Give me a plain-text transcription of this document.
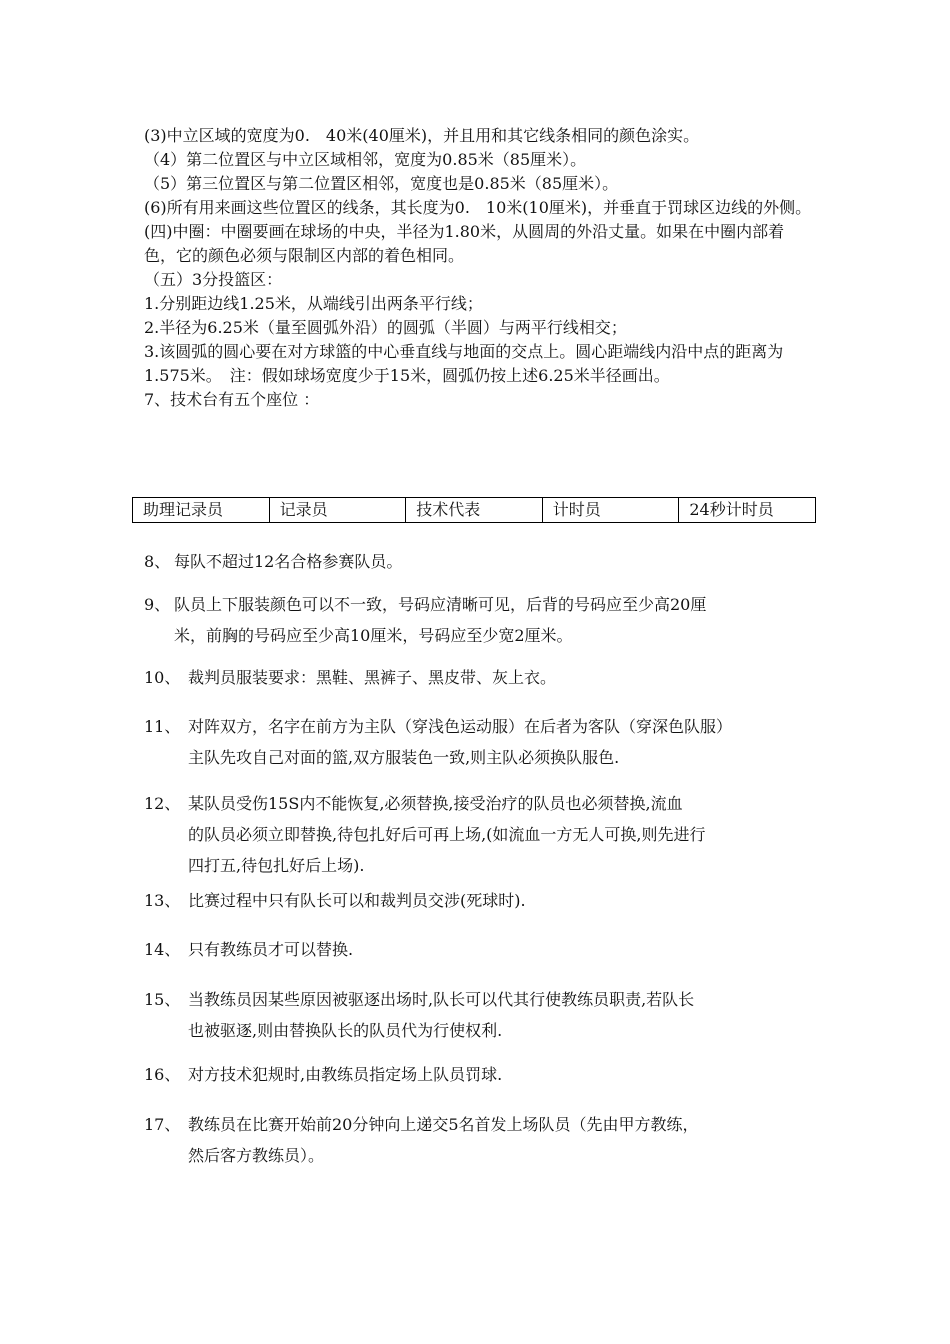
(3)中立区域的宽度为0.　40米(40厘米)，并且用和其它线条相同的颜色涂实。

（4）第二位置区与中立区域相邻，宽度为0.85米（85厘米）。

（5）第三位置区与第二位置区相邻，宽度也是0.85米（85厘米）。

(6)所有用来画这些位置区的线条，其长度为0.　10米(10厘米)，并垂直于罚球区边线的外侧。

(四)中圈：中圈要画在球场的中央，半径为1.80米，从圆周的外沿丈量。如果在中圈内部着色，它的颜色必须与限制区内部的着色相同。

（五）3分投篮区：

1.分别距边线1.25米，从端线引出两条平行线；

2.半径为6.25米（量至圆弧外沿）的圆弧（半圆）与两平行线相交；

3.该圆弧的圆心要在对方球篮的中心垂直线与地面的交点上。圆心距端线内沿中点的距离为1.575米。　注：假如球场宽度少于15米，圆弧仍按上述6.25米半径画出。

7、技术台有五个座位 ：

助理记录员	记录员	技术代表	计时员	24秒计时员
8、 每队不超过12名合格参赛队员。
9、 队员上下服装颜色可以不一致，号码应清晰可见，后背的号码应至少高20厘
米，前胸的号码应至少高10厘米，号码应至少宽2厘米。
10、 裁判员服装要求：黑鞋、黑裤子、黑皮带、灰上衣。
11、 对阵双方，名字在前方为主队（穿浅色运动服）在后者为客队（穿深色队服）
主队先攻自己对面的篮,双方服装色一致,则主队必须换队服色.
12、 某队员受伤15S内不能恢复,必须替换,接受治疗的队员也必须替换,流血
的队员必须立即替换,待包扎好后可再上场,(如流血一方无人可换,则先进行
四打五,待包扎好后上场).
13、 比赛过程中只有队长可以和裁判员交涉(死球时).
14、 只有教练员才可以替换.
15、 当教练员因某些原因被驱逐出场时,队长可以代其行使教练员职责,若队长
也被驱逐,则由替换队长的队员代为行使权利.
16、 对方技术犯规时,由教练员指定场上队员罚球.
17、 教练员在比赛开始前20分钟向上递交5名首发上场队员（先由甲方教练，
然后客方教练员）。
